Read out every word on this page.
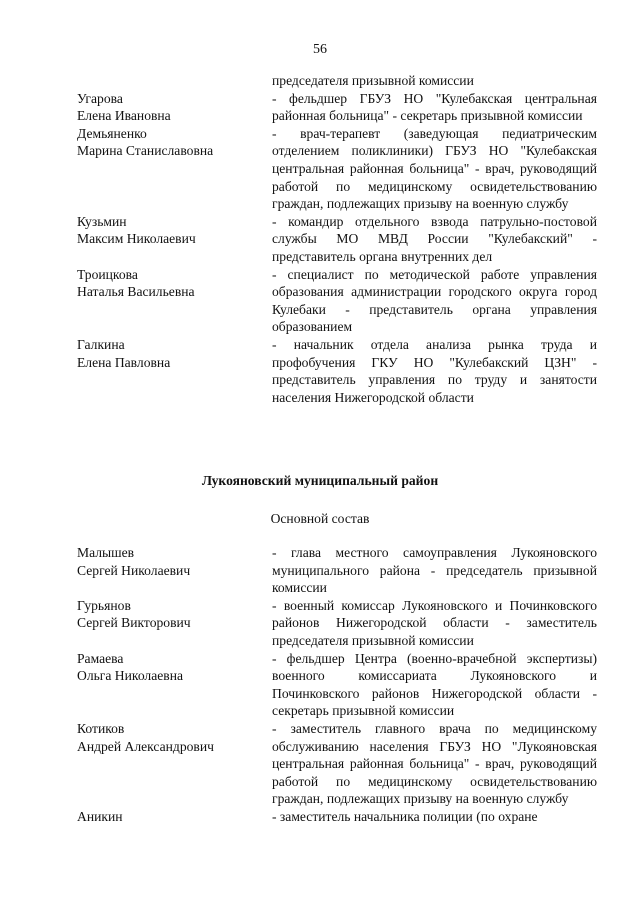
56
председателя призывной комиссии
Угарова
Елена Ивановна
- фельдшер ГБУЗ НО "Кулебакская центральная районная больница" - секретарь призывной комиссии
Демьяненко
Марина Станиславовна
- врач-терапевт (заведующая педиатрическим отделением поликлиники) ГБУЗ НО "Кулебакская центральная районная больница" - врач, руководящий работой по медицинскому освидетельствованию граждан, подлежащих призыву на военную службу
Кузьмин
Максим Николаевич
- командир отдельного взвода патрульно-постовой службы МО МВД России "Кулебакский" - представитель органа внутренних дел
Троицкова
Наталья Васильевна
- специалист по методической работе управления образования администрации городского округа город Кулебаки - представитель органа управления образованием
Галкина
Елена Павловна
- начальник отдела анализа рынка труда и профобучения ГКУ НО "Кулебакский ЦЗН" - представитель управления по труду и занятости населения Нижегородской области

Лукояновский муниципальный район

Основной состав

Малышев
Сергей Николаевич
- глава местного самоуправления Лукояновского муниципального района - председатель призывной комиссии
Гурьянов
Сергей Викторович
- военный комиссар Лукояновского и Починковского районов Нижегородской области - заместитель председателя призывной комиссии
Рамаева
Ольга Николаевна
- фельдшер Центра (военно-врачебной экспертизы) военного комиссариата Лукояновского и Починковского районов Нижегородской области - секретарь призывной комиссии
Котиков
Андрей Александрович
- заместитель главного врача по медицинскому обслуживанию населения ГБУЗ НО "Лукояновская центральная районная больница" - врач, руководящий работой по медицинскому освидетельствованию граждан, подлежащих призыву на военную службу
Аникин	- заместитель начальника полиции (по охране
